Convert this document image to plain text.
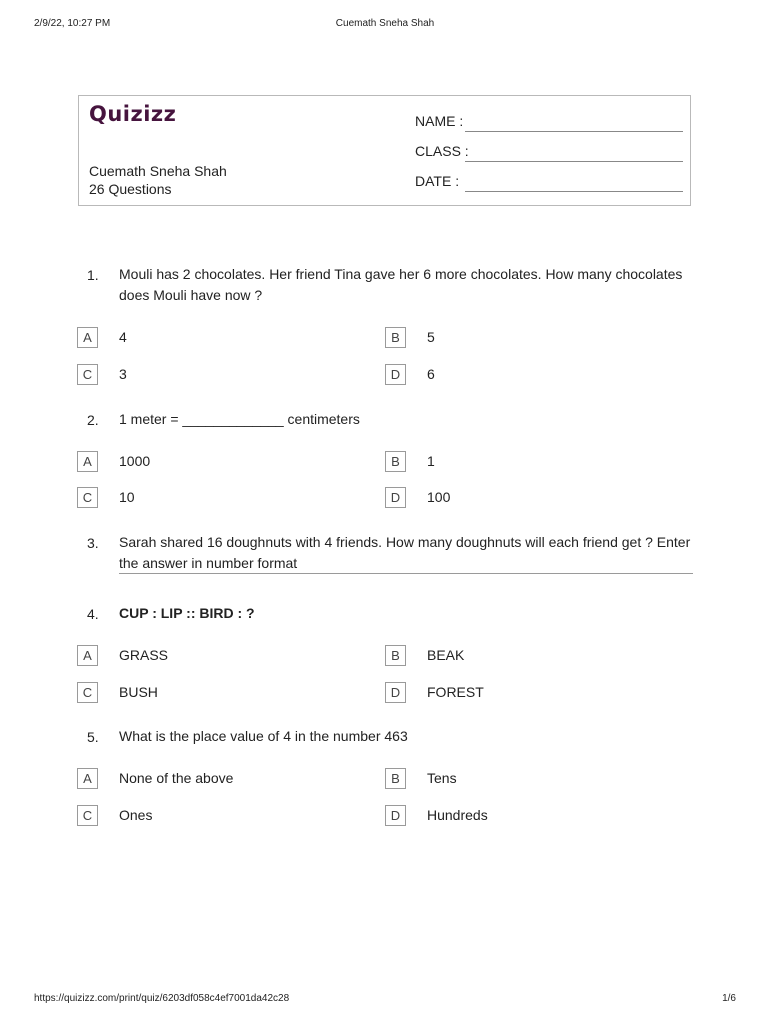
2/9/22, 10:27 PM	Cuemath Sneha Shah
Quizizz
Cuemath Sneha Shah
26 Questions
NAME :
CLASS :
DATE :
1. Mouli has 2 chocolates. Her friend Tina gave her 6 more chocolates. How many chocolates does Mouli have now ?
A	4	B	5
C	3	D	6
2. 1 meter = _____________ centimeters
A	1000	B	1
C	10	D	100
3. Sarah shared 16 doughnuts with 4 friends. How many doughnuts will each friend get ? Enter the answer in number format
4. CUP : LIP :: BIRD : ?
A	GRASS	B	BEAK
C	BUSH	D	FOREST
5. What is the place value of 4 in the number 463
A	None of the above	B	Tens
C	Ones	D	Hundreds
https://quizizz.com/print/quiz/6203df058c4ef7001da42c28	1/6
